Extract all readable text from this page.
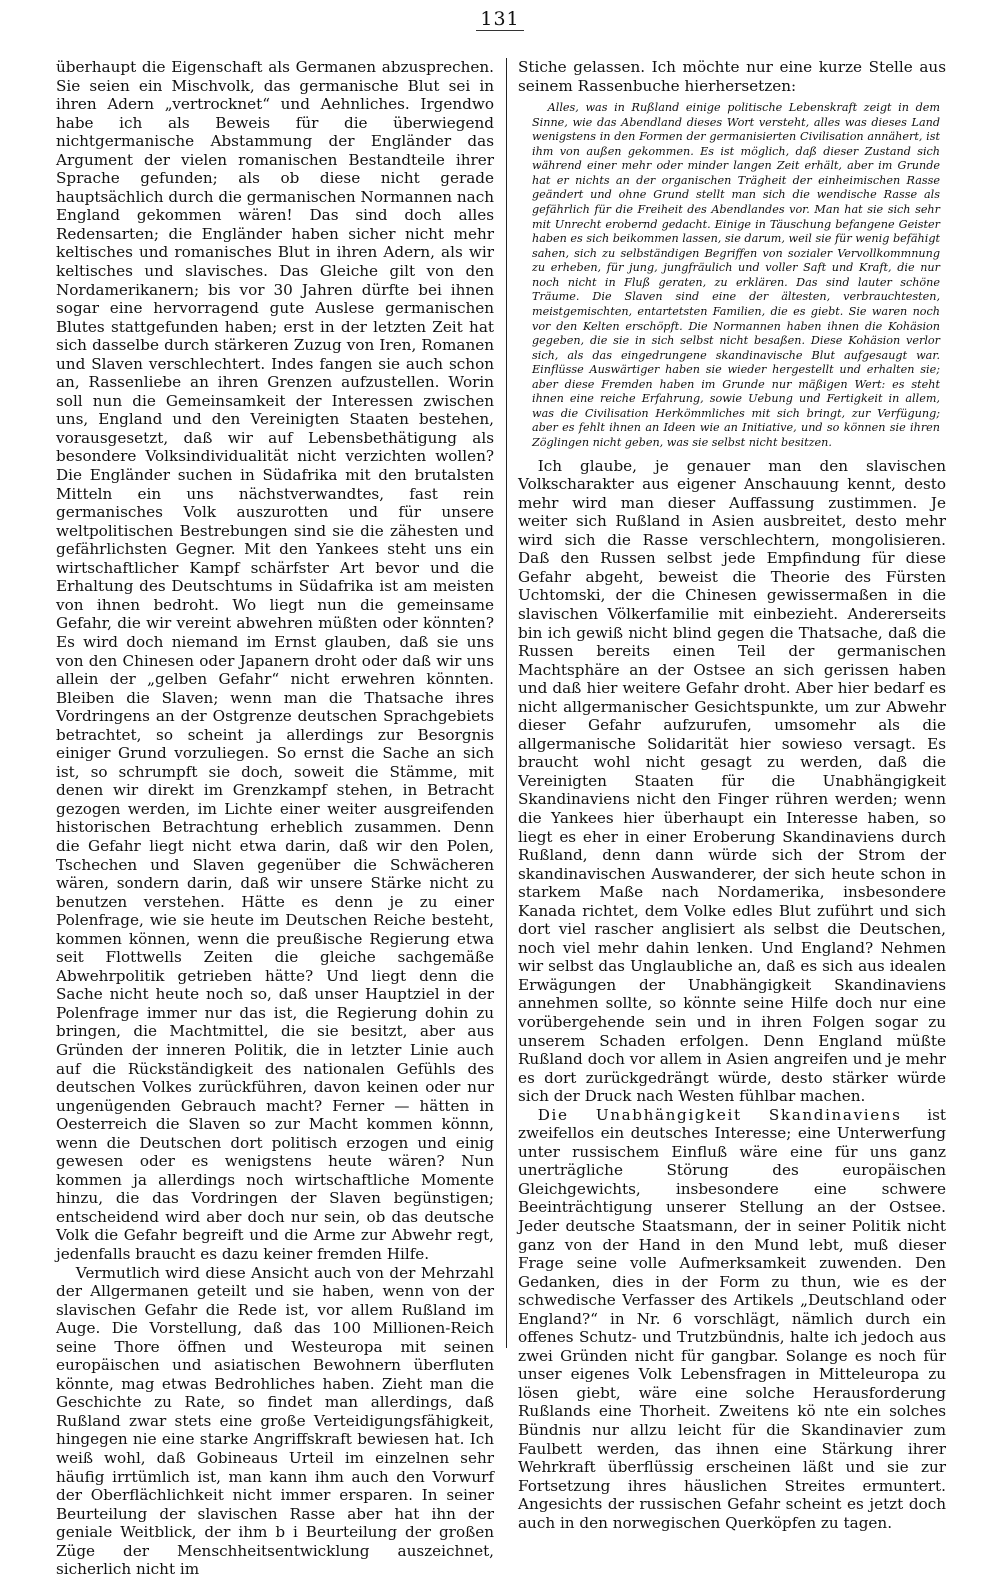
131

überhaupt die Eigenschaft als Germanen abzusprechen. Sie seien ein Mischvolk, das germanische Blut sei in ihren Adern „vertrocknet“ und Aehnliches. Irgendwo habe ich als Beweis für die überwiegend nichtgermanische Abstammung der Engländer das Argument der vielen romanischen Bestandteile ihrer Sprache gefunden; als ob diese nicht gerade hauptsächlich durch die germanischen Normannen nach England gekommen wären! Das sind doch alles Redensarten; die Engländer haben sicher nicht mehr keltisches und romanisches Blut in ihren Adern, als wir keltisches und slavisches. Das Gleiche gilt von den Nordamerikanern; bis vor 30 Jahren dürfte bei ihnen sogar eine hervorragend gute Auslese germanischen Blutes stattgefunden haben; erst in der letzten Zeit hat sich dasselbe durch stärkeren Zuzug von Iren, Romanen und Slaven verschlechtert. Indes fangen sie auch schon an, Rassenliebe an ihren Grenzen aufzustellen. Worin soll nun die Gemeinsamkeit der Interessen zwischen uns, England und den Vereinigten Staaten bestehen, vorausgesetzt, daß wir auf Lebensbethätigung als besondere Volksindividualität nicht verzichten wollen? Die Engländer suchen in Südafrika mit den brutalsten Mitteln ein uns nächstverwandtes, fast rein germanisches Volk auszurotten und für unsere weltpolitischen Bestrebungen sind sie die zähesten und gefährlichsten Gegner. Mit den Yankees steht uns ein wirtschaftlicher Kampf schärfster Art bevor und die Erhaltung des Deutschtums in Südafrika ist am meisten von ihnen bedroht. Wo liegt nun die gemeinsame Gefahr, die wir vereint abwehren müßten oder könnten? Es wird doch niemand im Ernst glauben, daß sie uns von den Chinesen oder Japanern droht oder daß wir uns allein der „gelben Gefahr“ nicht erwehren könnten. Bleiben die Slaven; wenn man die Thatsache ihres Vordringens an der Ostgrenze deutschen Sprachgebiets betrachtet, so scheint ja allerdings zur Besorgnis einiger Grund vorzuliegen. So ernst die Sache an sich ist, so schrumpft sie doch, soweit die Stämme, mit denen wir direkt im Grenzkampf stehen, in Betracht gezogen werden, im Lichte einer weiter ausgreifenden historischen Betrachtung erheblich zusammen. Denn die Gefahr liegt nicht etwa darin, daß wir den Polen, Tschechen und Slaven gegenüber die Schwächeren wären, sondern darin, daß wir unsere Stärke nicht zu benutzen verstehen. Hätte es denn je zu einer Polenfrage, wie sie heute im Deutschen Reiche besteht, kommen können, wenn die preußische Regierung etwa seit Flottwells Zeiten die gleiche sachgemäße Abwehrpolitik getrieben hätte? Und liegt denn die Sache nicht heute noch so, daß unser Hauptziel in der Polenfrage immer nur das ist, die Regierung dohin zu bringen, die Machtmittel, die sie besitzt, aber aus Gründen der inneren Politik, die in letzter Linie auch auf die Rückständigkeit des nationalen Gefühls des deutschen Volkes zurückführen, davon keinen oder nur ungenügenden Gebrauch macht? Ferner — hätten in Oesterreich die Slaven so zur Macht kommen könnn, wenn die Deutschen dort politisch erzogen und einig gewesen oder es wenigstens heute wären? Nun kommen ja allerdings noch wirtschaftliche Momente hinzu, die das Vordringen der Slaven begünstigen; entscheidend wird aber doch nur sein, ob das deutsche Volk die Gefahr begreift und die Arme zur Abwehr regt, jedenfalls braucht es dazu keiner fremden Hilfe.

Vermutlich wird diese Ansicht auch von der Mehrzahl der Allgermanen geteilt und sie haben, wenn von der slavischen Gefahr die Rede ist, vor allem Rußland im Auge. Die Vorstellung, daß das 100 Millionen-Reich seine Thore öffnen und Westeuropa mit seinen europäischen und asiatischen Bewohnern überfluten könnte, mag etwas Bedrohliches haben. Zieht man die Geschichte zu Rate, so findet man allerdings, daß Rußland zwar stets eine große Verteidigungsfähigkeit, hingegen nie eine starke Angriffskraft bewiesen hat. Ich weiß wohl, daß Gobineaus Urteil im einzelnen sehr häufig irrtümlich ist, man kann ihm auch den Vorwurf der Oberflächlichkeit nicht immer ersparen. In seiner Beurteilung der slavischen Rasse aber hat ihn der geniale Weitblick, der ihm b i Beurteilung der großen Züge der Menschheitsentwicklung auszeichnet, sicherlich nicht im

Stiche gelassen. Ich möchte nur eine kurze Stelle aus seinem Rassenbuche hierhersetzen:

Alles, was in Rußland einige politische Lebenskraft zeigt in dem Sinne, wie das Abendland dieses Wort versteht, alles was dieses Land wenigstens in den Formen der germanisierten Civilisation annähert, ist ihm von außen gekommen. Es ist möglich, daß dieser Zustand sich während einer mehr oder minder langen Zeit erhält, aber im Grunde hat er nichts an der organischen Trägheit der einheimischen Rasse geändert und ohne Grund stellt man sich die wendische Rasse als gefährlich für die Freiheit des Abendlandes vor. Man hat sie sich sehr mit Unrecht erobernd gedacht. Einige in Täuschung befangene Geister haben es sich beikommen lassen, sie darum, weil sie für wenig befähigt sahen, sich zu selbständigen Begriffen von sozialer Vervollkommnung zu erheben, für jung, jungfräulich und voller Saft und Kraft, die nur noch nicht in Fluß geraten, zu erklären. Das sind lauter schöne Träume. Die Slaven sind eine der ältesten, verbrauchtesten, meistgemischten, entartetsten Familien, die es giebt. Sie waren noch vor den Kelten erschöpft. Die Normannen haben ihnen die Kohäsion gegeben, die sie in sich selbst nicht besaßen. Diese Kohäsion verlor sich, als das eingedrungene skandinavische Blut aufgesaugt war. Einflüsse Auswärtiger haben sie wieder hergestellt und erhalten sie; aber diese Fremden haben im Grunde nur mäßigen Wert: es steht ihnen eine reiche Erfahrung, sowie Uebung und Fertigkeit in allem, was die Civilisation Herkömmliches mit sich bringt, zur Verfügung; aber es fehlt ihnen an Ideen wie an Initiative, und so können sie ihren Zöglingen nicht geben, was sie selbst nicht besitzen.

Ich glaube, je genauer man den slavischen Volkscharakter aus eigener Anschauung kennt, desto mehr wird man dieser Auffassung zustimmen. Je weiter sich Rußland in Asien ausbreitet, desto mehr wird sich die Rasse verschlechtern, mongolisieren. Daß den Russen selbst jede Empfindung für diese Gefahr abgeht, beweist die Theorie des Fürsten Uchtomski, der die Chinesen gewissermaßen in die slavischen Völkerfamilie mit einbezieht. Andererseits bin ich gewiß nicht blind gegen die Thatsache, daß die Russen bereits einen Teil der germanischen Machtsphäre an der Ostsee an sich gerissen haben und daß hier weitere Gefahr droht. Aber hier bedarf es nicht allgermanischer Gesichtspunkte, um zur Abwehr dieser Gefahr aufzurufen, umsomehr als die allgermanische Solidarität hier sowieso versagt. Es braucht wohl nicht gesagt zu werden, daß die Vereinigten Staaten für die Unabhängigkeit Skandinaviens nicht den Finger rühren werden; wenn die Yankees hier überhaupt ein Interesse haben, so liegt es eher in einer Eroberung Skandinaviens durch Rußland, denn dann würde sich der Strom der skandinavischen Auswanderer, der sich heute schon in starkem Maße nach Nordamerika, insbesondere Kanada richtet, dem Volke edles Blut zuführt und sich dort viel rascher anglisiert als selbst die Deutschen, noch viel mehr dahin lenken. Und England? Nehmen wir selbst das Unglaubliche an, daß es sich aus idealen Erwägungen der Unabhängigkeit Skandinaviens annehmen sollte, so könnte seine Hilfe doch nur eine vorübergehende sein und in ihren Folgen sogar zu unserem Schaden erfolgen. Denn England müßte Rußland doch vor allem in Asien angreifen und je mehr es dort zurückgedrängt würde, desto stärker würde sich der Druck nach Westen fühlbar machen.

Die Unabhängigkeit Skandinaviens ist zweifellos ein deutsches Interesse; eine Unterwerfung unter russischem Einfluß wäre eine für uns ganz unerträgliche Störung des europäischen Gleichgewichts, insbesondere eine schwere Beeinträchtigung unserer Stellung an der Ostsee. Jeder deutsche Staatsmann, der in seiner Politik nicht ganz von der Hand in den Mund lebt, muß dieser Frage seine volle Aufmerksamkeit zuwenden. Den Gedanken, dies in der Form zu thun, wie es der schwedische Verfasser des Artikels „Deutschland oder England?“ in Nr. 6 vorschlägt, nämlich durch ein offenes Schutz- und Trutzbündnis, halte ich jedoch aus zwei Gründen nicht für gangbar. Solange es noch für unser eigenes Volk Lebensfragen in Mitteleuropa zu lösen giebt, wäre eine solche Herausforderung Rußlands eine Thorheit. Zweitens kö nte ein solches Bündnis nur allzu leicht für die Skandinavier zum Faulbett werden, das ihnen eine Stärkung ihrer Wehrkraft überflüssig erscheinen läßt und sie zur Fortsetzung ihres häuslichen Streites ermuntert. Angesichts der russischen Gefahr scheint es jetzt doch auch in den norwegischen Querköpfen zu tagen.
